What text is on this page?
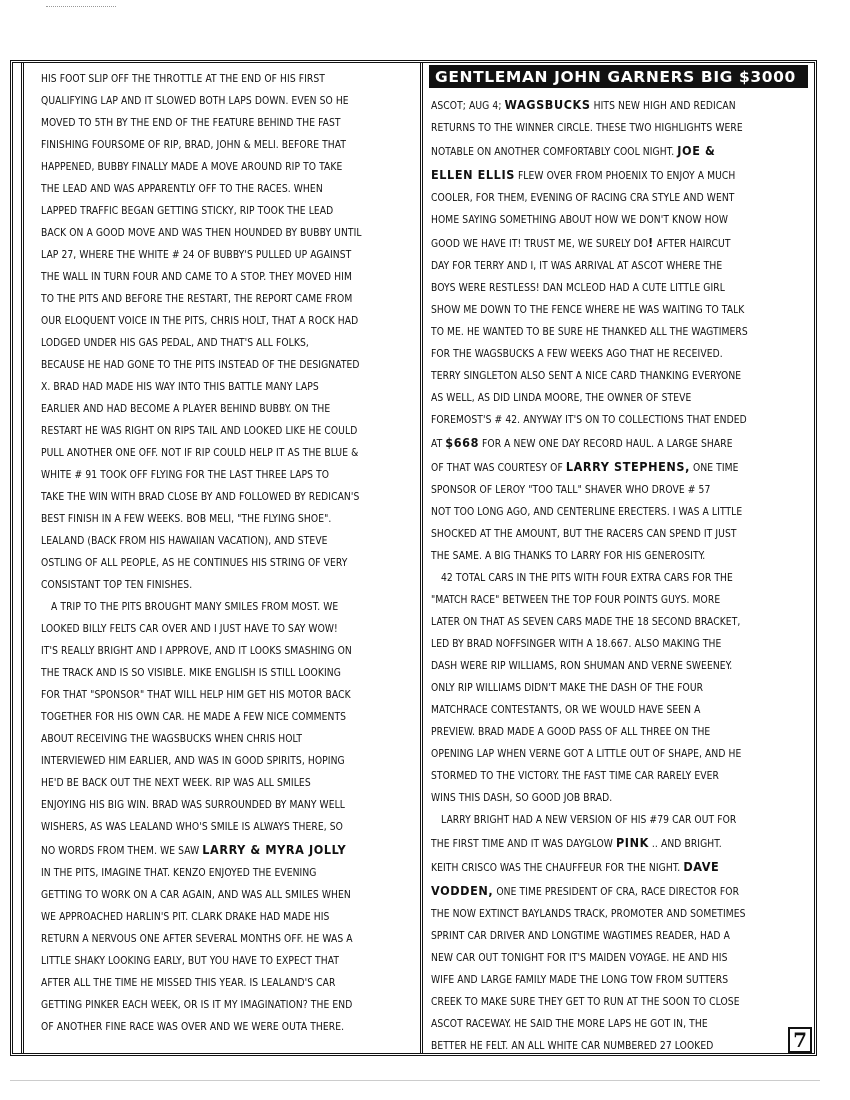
HIS FOOT SLIP OFF THE THROTTLE AT THE END OF HIS FIRST
QUALIFYING LAP AND IT SLOWED BOTH LAPS DOWN. EVEN SO HE
MOVED TO 5TH BY THE END OF THE FEATURE BEHIND THE FAST
FINISHING FOURSOME OF RIP, BRAD, JOHN & MELI. BEFORE THAT
HAPPENED, BUBBY FINALLY MADE A MOVE AROUND RIP TO TAKE
THE LEAD AND WAS APPARENTLY OFF TO THE RACES. WHEN
LAPPED TRAFFIC BEGAN GETTING STICKY, RIP TOOK THE LEAD
BACK ON A GOOD MOVE AND WAS THEN HOUNDED BY BUBBY UNTIL
LAP 27, WHERE THE WHITE # 24 OF BUBBY'S PULLED UP AGAINST
THE WALL IN TURN FOUR AND CAME TO A STOP. THEY MOVED HIM
TO THE PITS AND BEFORE THE RESTART, THE REPORT CAME FROM
OUR ELOQUENT VOICE IN THE PITS, CHRIS HOLT, THAT A ROCK HAD
LODGED UNDER HIS GAS PEDAL, AND THAT'S ALL FOLKS,
BECAUSE HE HAD GONE TO THE PITS INSTEAD OF THE DESIGNATED
X. BRAD HAD MADE HIS WAY INTO THIS BATTLE MANY LAPS
EARLIER AND HAD BECOME A PLAYER BEHIND BUBBY. ON THE
RESTART HE WAS RIGHT ON RIPS TAIL AND LOOKED LIKE HE COULD
PULL ANOTHER ONE OFF. NOT IF RIP COULD HELP IT AS THE BLUE &
WHITE # 91 TOOK OFF FLYING FOR THE LAST THREE LAPS TO
TAKE THE WIN WITH BRAD CLOSE BY AND FOLLOWED BY REDICAN'S
BEST FINISH IN A FEW WEEKS. BOB MELI, "THE FLYING SHOE".
LEALAND (BACK FROM HIS HAWAIIAN VACATION), AND STEVE
OSTLING OF ALL PEOPLE, AS HE CONTINUES HIS STRING OF VERY
CONSISTANT TOP TEN FINISHES.
A TRIP TO THE PITS BROUGHT MANY SMILES FROM MOST. WE
LOOKED BILLY FELTS CAR OVER AND I JUST HAVE TO SAY WOW!
IT'S REALLY BRIGHT AND I APPROVE, AND IT LOOKS SMASHING ON
THE TRACK AND IS SO VISIBLE. MIKE ENGLISH IS STILL LOOKING
FOR THAT "SPONSOR" THAT WILL HELP HIM GET HIS MOTOR BACK
TOGETHER FOR HIS OWN CAR. HE MADE A FEW NICE COMMENTS
ABOUT RECEIVING THE WAGSBUCKS WHEN CHRIS HOLT
INTERVIEWED HIM EARLIER, AND WAS IN GOOD SPIRITS, HOPING
HE'D BE BACK OUT THE NEXT WEEK. RIP WAS ALL SMILES
ENJOYING HIS BIG WIN. BRAD WAS SURROUNDED BY MANY WELL
WISHERS, AS WAS LEALAND WHO'S SMILE IS ALWAYS THERE, SO
NO WORDS FROM THEM. WE SAW LARRY & MYRA JOLLY
IN THE PITS, IMAGINE THAT. KENZO ENJOYED THE EVENING
GETTING TO WORK ON A CAR AGAIN, AND WAS ALL SMILES WHEN
WE APPROACHED HARLIN'S PIT. CLARK DRAKE HAD MADE HIS
RETURN A NERVOUS ONE AFTER SEVERAL MONTHS OFF. HE WAS A
LITTLE SHAKY LOOKING EARLY, BUT YOU HAVE TO EXPECT THAT
AFTER ALL THE TIME HE MISSED THIS YEAR. IS LEALAND'S CAR
GETTING PINKER EACH WEEK, OR IS IT MY IMAGINATION? THE END
OF ANOTHER FINE RACE WAS OVER AND WE WERE OUTA THERE.
GENTLEMAN JOHN GARNERS BIG $3000
ASCOT; AUG 4; WAGSBUCKS HITS NEW HIGH AND REDICAN
RETURNS TO THE WINNER CIRCLE. THESE TWO HIGHLIGHTS WERE
NOTABLE ON ANOTHER COMFORTABLY COOL NIGHT. JOE &
ELLEN ELLIS FLEW OVER FROM PHOENIX TO ENJOY A MUCH
COOLER, FOR THEM, EVENING OF RACING CRA STYLE AND WENT
HOME SAYING SOMETHING ABOUT HOW WE DON'T KNOW HOW
GOOD WE HAVE IT! TRUST ME, WE SURELY DO! AFTER HAIRCUT
DAY FOR TERRY AND I, IT WAS ARRIVAL AT ASCOT WHERE THE
BOYS WERE RESTLESS! DAN MCLEOD HAD A CUTE LITTLE GIRL
SHOW ME DOWN TO THE FENCE WHERE HE WAS WAITING TO TALK
TO ME. HE WANTED TO BE SURE HE THANKED ALL THE WAGTIMERS
FOR THE WAGSBUCKS A FEW WEEKS AGO THAT HE RECEIVED.
TERRY SINGLETON ALSO SENT A NICE CARD THANKING EVERYONE
AS WELL, AS DID LINDA MOORE, THE OWNER OF STEVE
FOREMOST'S # 42. ANYWAY IT'S ON TO COLLECTIONS THAT ENDED
AT $668 FOR A NEW ONE DAY RECORD HAUL. A LARGE SHARE
OF THAT WAS COURTESY OF LARRY STEPHENS, ONE TIME
SPONSOR OF LEROY "TOO TALL" SHAVER WHO DROVE # 57
NOT TOO LONG AGO, AND CENTERLINE ERECTERS. I WAS A LITTLE
SHOCKED AT THE AMOUNT, BUT THE RACERS CAN SPEND IT JUST
THE SAME. A BIG THANKS TO LARRY FOR HIS GENEROSITY.
42 TOTAL CARS IN THE PITS WITH FOUR EXTRA CARS FOR THE
"MATCH RACE" BETWEEN THE TOP FOUR POINTS GUYS. MORE
LATER ON THAT AS SEVEN CARS MADE THE 18 SECOND BRACKET,
LED BY BRAD NOFFSINGER WITH A 18.667. ALSO MAKING THE
DASH WERE RIP WILLIAMS, RON SHUMAN AND VERNE SWEENEY.
ONLY RIP WILLIAMS DIDN'T MAKE THE DASH OF THE FOUR
MATCHRACE CONTESTANTS, OR WE WOULD HAVE SEEN A
PREVIEW. BRAD MADE A GOOD PASS OF ALL THREE ON THE
OPENING LAP WHEN VERNE GOT A LITTLE OUT OF SHAPE, AND HE
STORMED TO THE VICTORY. THE FAST TIME CAR RARELY EVER
WINS THIS DASH, SO GOOD JOB BRAD.
LARRY BRIGHT HAD A NEW VERSION OF HIS #79 CAR OUT FOR
THE FIRST TIME AND IT WAS DAYGLOW PINK .. AND BRIGHT.
KEITH CRISCO WAS THE CHAUFFEUR FOR THE NIGHT. DAVE
VODDEN, ONE TIME PRESIDENT OF CRA, RACE DIRECTOR FOR
THE NOW EXTINCT BAYLANDS TRACK, PROMOTER AND SOMETIMES
SPRINT CAR DRIVER AND LONGTIME WAGTIMES READER, HAD A
NEW CAR OUT TONIGHT FOR IT'S MAIDEN VOYAGE. HE AND HIS
WIFE AND LARGE FAMILY MADE THE LONG TOW FROM SUTTERS
CREEK TO MAKE SURE THEY GET TO RUN AT THE SOON TO CLOSE
ASCOT RACEWAY. HE SAID THE MORE LAPS HE GOT IN, THE
BETTER HE FELT. AN ALL WHITE CAR NUMBERED 27 LOOKED	7
